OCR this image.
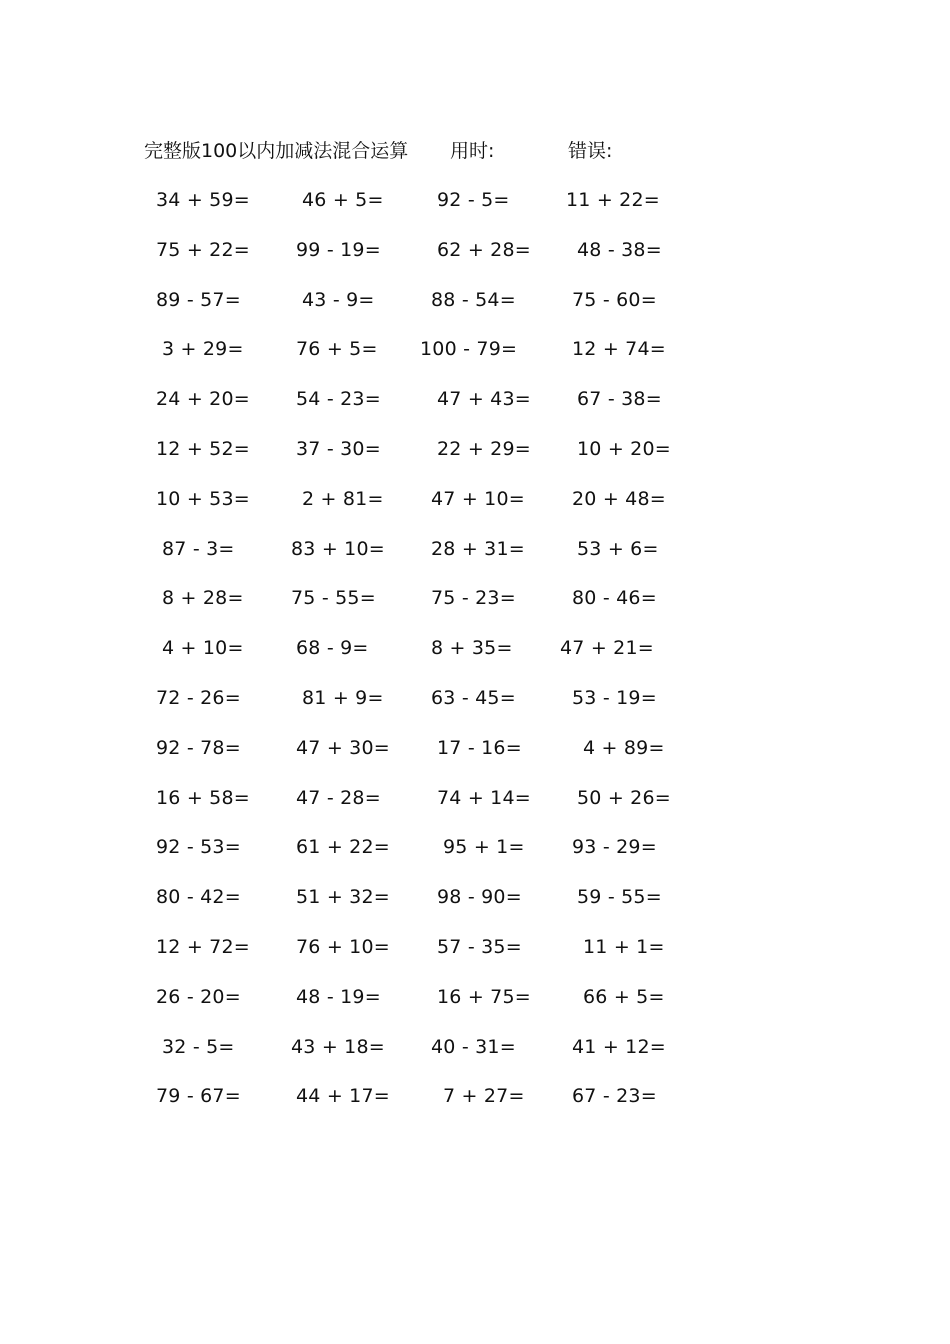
完整版100以内加减法混合运算 用时:	错误:
34 + 59=	46 + 5=	92 - 5=	11 + 22=
75 + 22= 99 - 19=	62 + 28= 48 - 38=
89 - 57=	43 - 9=	88 - 54=	75 - 60=
3 + 29=	76 + 5= 100 - 79=	12 + 74=
24 + 20= 54 - 23=	47 + 43= 67 - 38=
12 + 52= 37 - 30=	22 + 29= 10 + 20=
10 + 53=	2 + 81= 47 + 10= 20 + 48=
87 - 3=	83 + 10= 28 + 31=	53 + 6=
8 + 28= 75 - 55=	75 - 23=	80 - 46=
4 + 10=	68 - 9=	8 + 35= 47 + 21=
72 - 26=	81 + 9= 63 - 45=	53 - 19=
92 - 78=	47 + 30= 17 - 16=	4 + 89=
16 + 58= 47 - 28=	74 + 14= 50 + 26=
92 - 53=	61 + 22=	95 + 1= 93 - 29=
80 - 42=	51 + 32= 98 - 90=	59 - 55=
12 + 72= 76 + 10= 57 - 35=	11 + 1=
26 - 20=	48 - 19=	16 + 75=	66 + 5=
32 - 5=	43 + 18= 40 - 31=	41 + 12=
79 - 67=	44 + 17=	7 + 27= 67 - 23=
